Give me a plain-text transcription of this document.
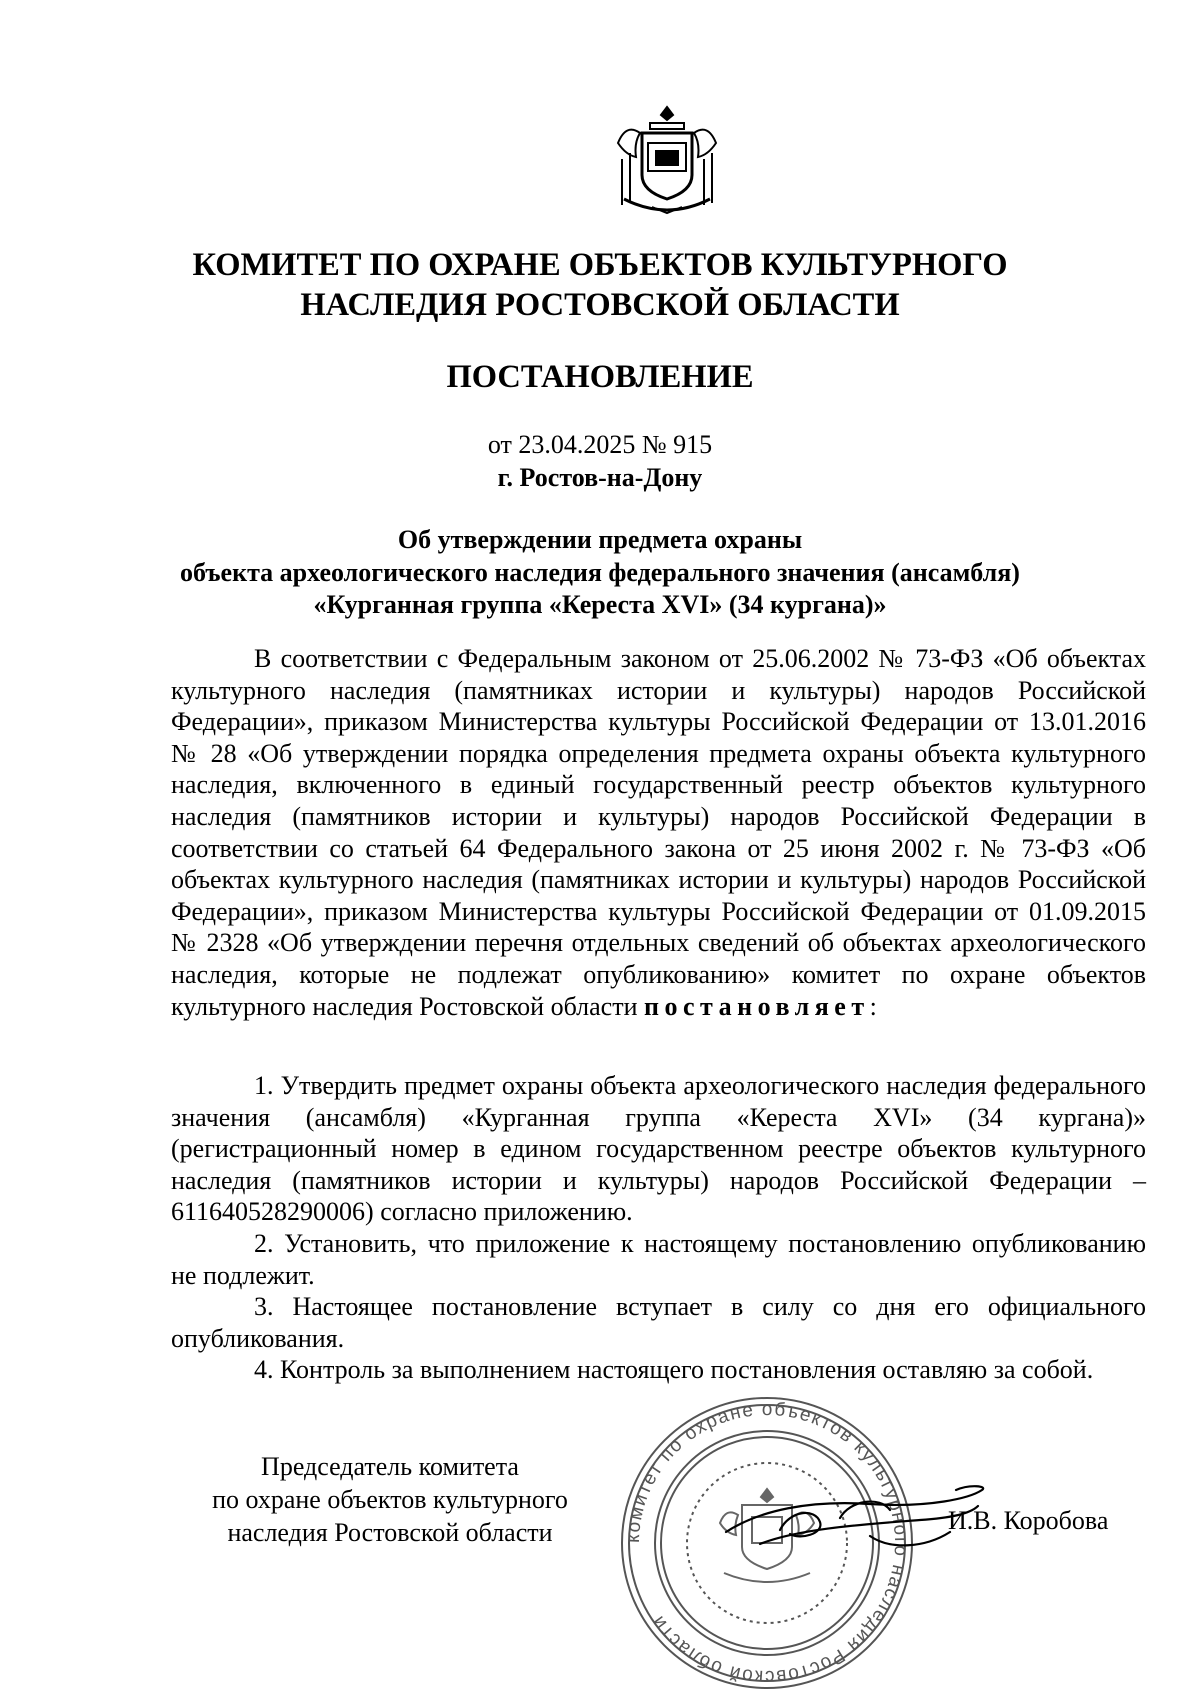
КОМИТЕТ ПО ОХРАНЕ ОБЪЕКТОВ КУЛЬТУРНОГО
НАСЛЕДИЯ РОСТОВСКОЙ ОБЛАСТИ
ПОСТАНОВЛЕНИЕ
от 23.04.2025 № 915
г. Ростов-на-Дону
Об утверждении предмета охраны
объекта археологического наследия федерального значения (ансамбля)
«Курганная группа «Кереста XVI» (34 кургана)»

В соответствии с Федеральным законом от 25.06.2002 № 73-ФЗ «Об объектах культурного наследия (памятниках истории и культуры) народов Российской Федерации», приказом Министерства культуры Российской Федерации от 13.01.2016 № 28 «Об утверждении порядка определения предмета охраны объекта культурного наследия, включенного в единый государственный реестр объектов культурного наследия (памятников истории и культуры) народов Российской Федерации в соответствии со статьей 64 Федерального закона от 25 июня 2002 г. № 73-ФЗ «Об объектах культурного наследия (памятниках истории и культуры) народов Российской Федерации», приказом Министерства культуры Российской Федерации от 01.09.2015 № 2328 «Об утверждении перечня отдельных сведений об объектах археологического наследия, которые не подлежат опубликованию» комитет по охране объектов культурного наследия Ростовской области постановляет:

1. Утвердить предмет охраны объекта археологического наследия федерального значения (ансамбля) «Курганная группа «Кереста XVI» (34 кургана)» (регистрационный номер в едином государственном реестре объектов культурного наследия (памятников истории и культуры) народов Российской Федерации – 611640528290006) согласно приложению.

2. Установить, что приложение к настоящему постановлению опубликованию не подлежит.

3. Настоящее постановление вступает в силу со дня его официального опубликования.

4. Контроль за выполнением настоящего постановления оставляю за собой.

Председатель комитета
по охране объектов культурного
наследия Ростовской области	комитет по охране объектов культурного наследия Ростовской области
И.В. Коробова
